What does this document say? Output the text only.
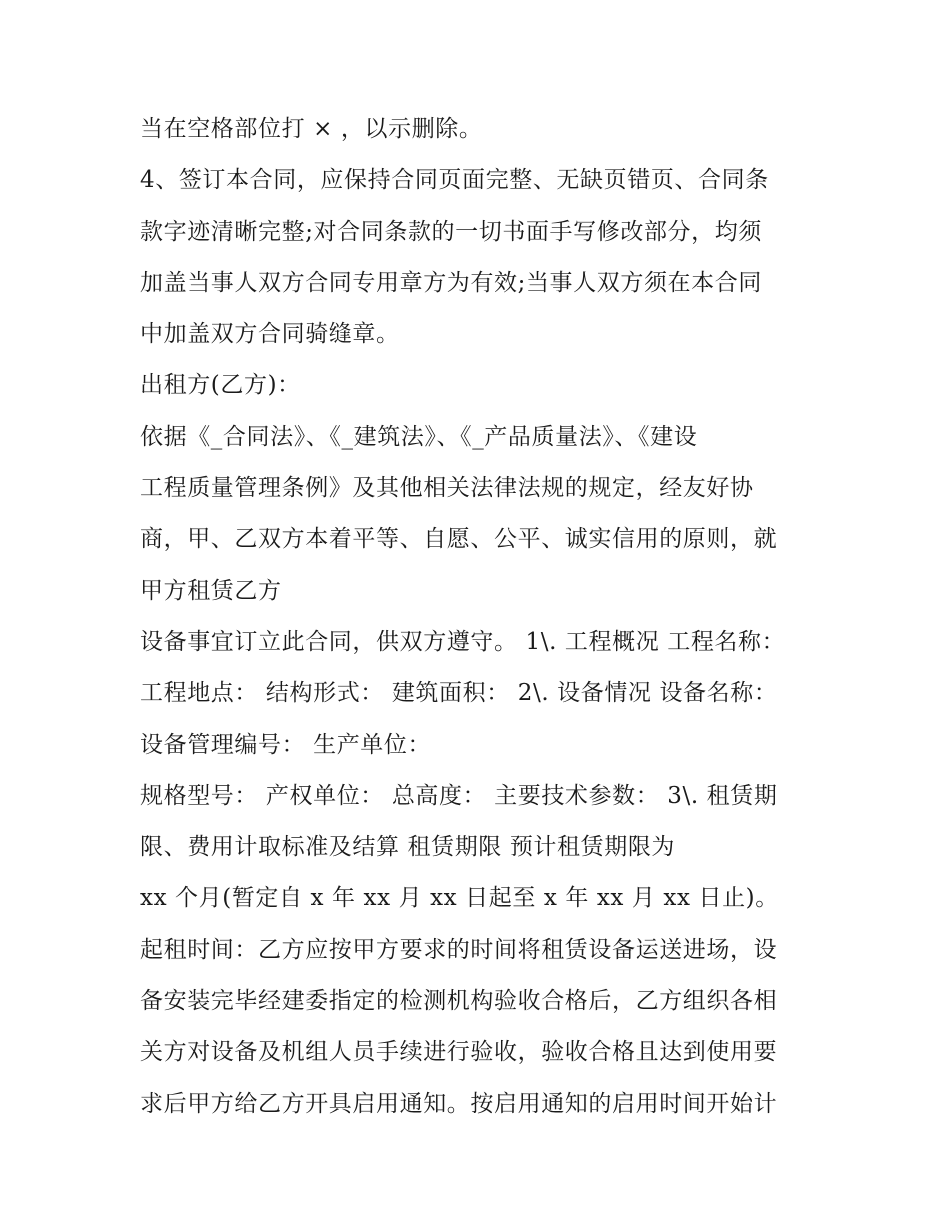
当在空格部位打 × ，以示删除。
4、签订本合同，应保持合同页面完整、无缺页错页、合同条
款字迹清晰完整;对合同条款的一切书面手写修改部分，均须
加盖当事人双方合同专用章方为有效;当事人双方须在本合同
中加盖双方合同骑缝章。
出租方(乙方)：
依据《_合同法》、《_建筑法》、《_产品质量法》、《建设
工程质量管理条例》及其他相关法律法规的规定，经友好协
商，甲、乙双方本着平等、自愿、公平、诚实信用的原则，就
甲方租赁乙方
设备事宜订立此合同，供双方遵守。 1\. 工程概况 工程名称：
工程地点： 结构形式： 建筑面积： 2\. 设备情况 设备名称：
设备管理编号： 生产单位：
规格型号： 产权单位： 总高度： 主要技术参数： 3\. 租赁期
限、费用计取标准及结算 租赁期限 预计租赁期限为
xx 个月(暂定自 x 年 xx 月 xx 日起至 x 年 xx 月 xx 日止)。
起租时间：乙方应按甲方要求的时间将租赁设备运送进场，设
备安装完毕经建委指定的检测机构验收合格后，乙方组织各相
关方对设备及机组人员手续进行验收，验收合格且达到使用要
求后甲方给乙方开具启用通知。按启用通知的启用时间开始计
